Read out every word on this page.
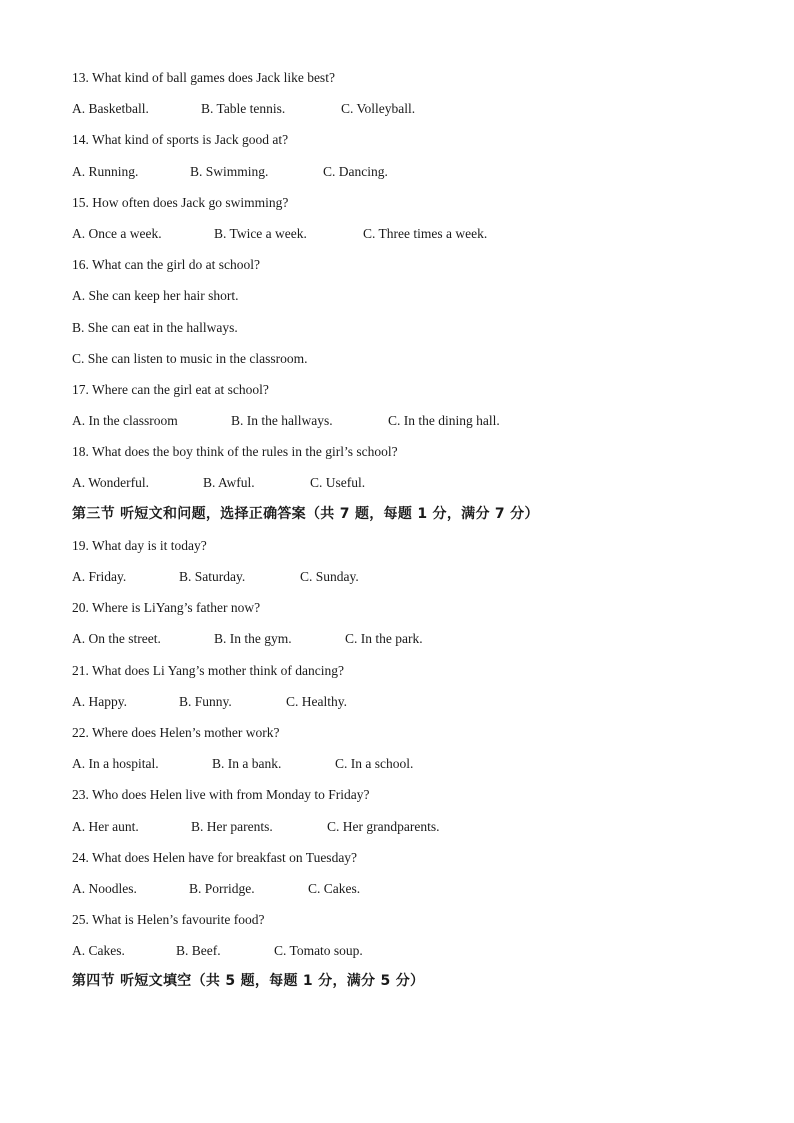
13. What kind of ball games does Jack like best?
A. Basketball.	B. Table tennis.	C. Volleyball.
14. What kind of sports is Jack good at?
A. Running.	B. Swimming.	C. Dancing.
15. How often does Jack go swimming?
A. Once a week.	B. Twice a week.	C. Three times a week.
16. What can the girl do at school?
A. She can keep her hair short.
B. She can eat in the hallways.
C. She can listen to music in the classroom.
17. Where can the girl eat at school?
A. In the classroom	B. In the hallways.	C. In the dining hall.
18. What does the boy think of the rules in the girl’s school?
A. Wonderful.	B. Awful.	C. Useful.
第三节 听短文和问题，选择正确答案（共 7 题，每题 1 分，满分 7 分）
19. What day is it today?
A. Friday.	B. Saturday.	C. Sunday.
20. Where is LiYang’s father now?
A. On the street.	B. In the gym.	C. In the park.
21. What does Li Yang’s mother think of dancing?
A. Happy.	B. Funny.	C. Healthy.
22. Where does Helen’s mother work?
A. In a hospital.	B. In a bank.	C. In a school.
23. Who does Helen live with from Monday to Friday?
A. Her aunt.	B. Her parents.	C. Her grandparents.
24. What does Helen have for breakfast on Tuesday?
A. Noodles.	B. Porridge.	C. Cakes.
25. What is Helen’s favourite food?
A. Cakes.	B. Beef.	C. Tomato soup.
第四节 听短文填空（共 5 题，每题 1 分，满分 5 分）
